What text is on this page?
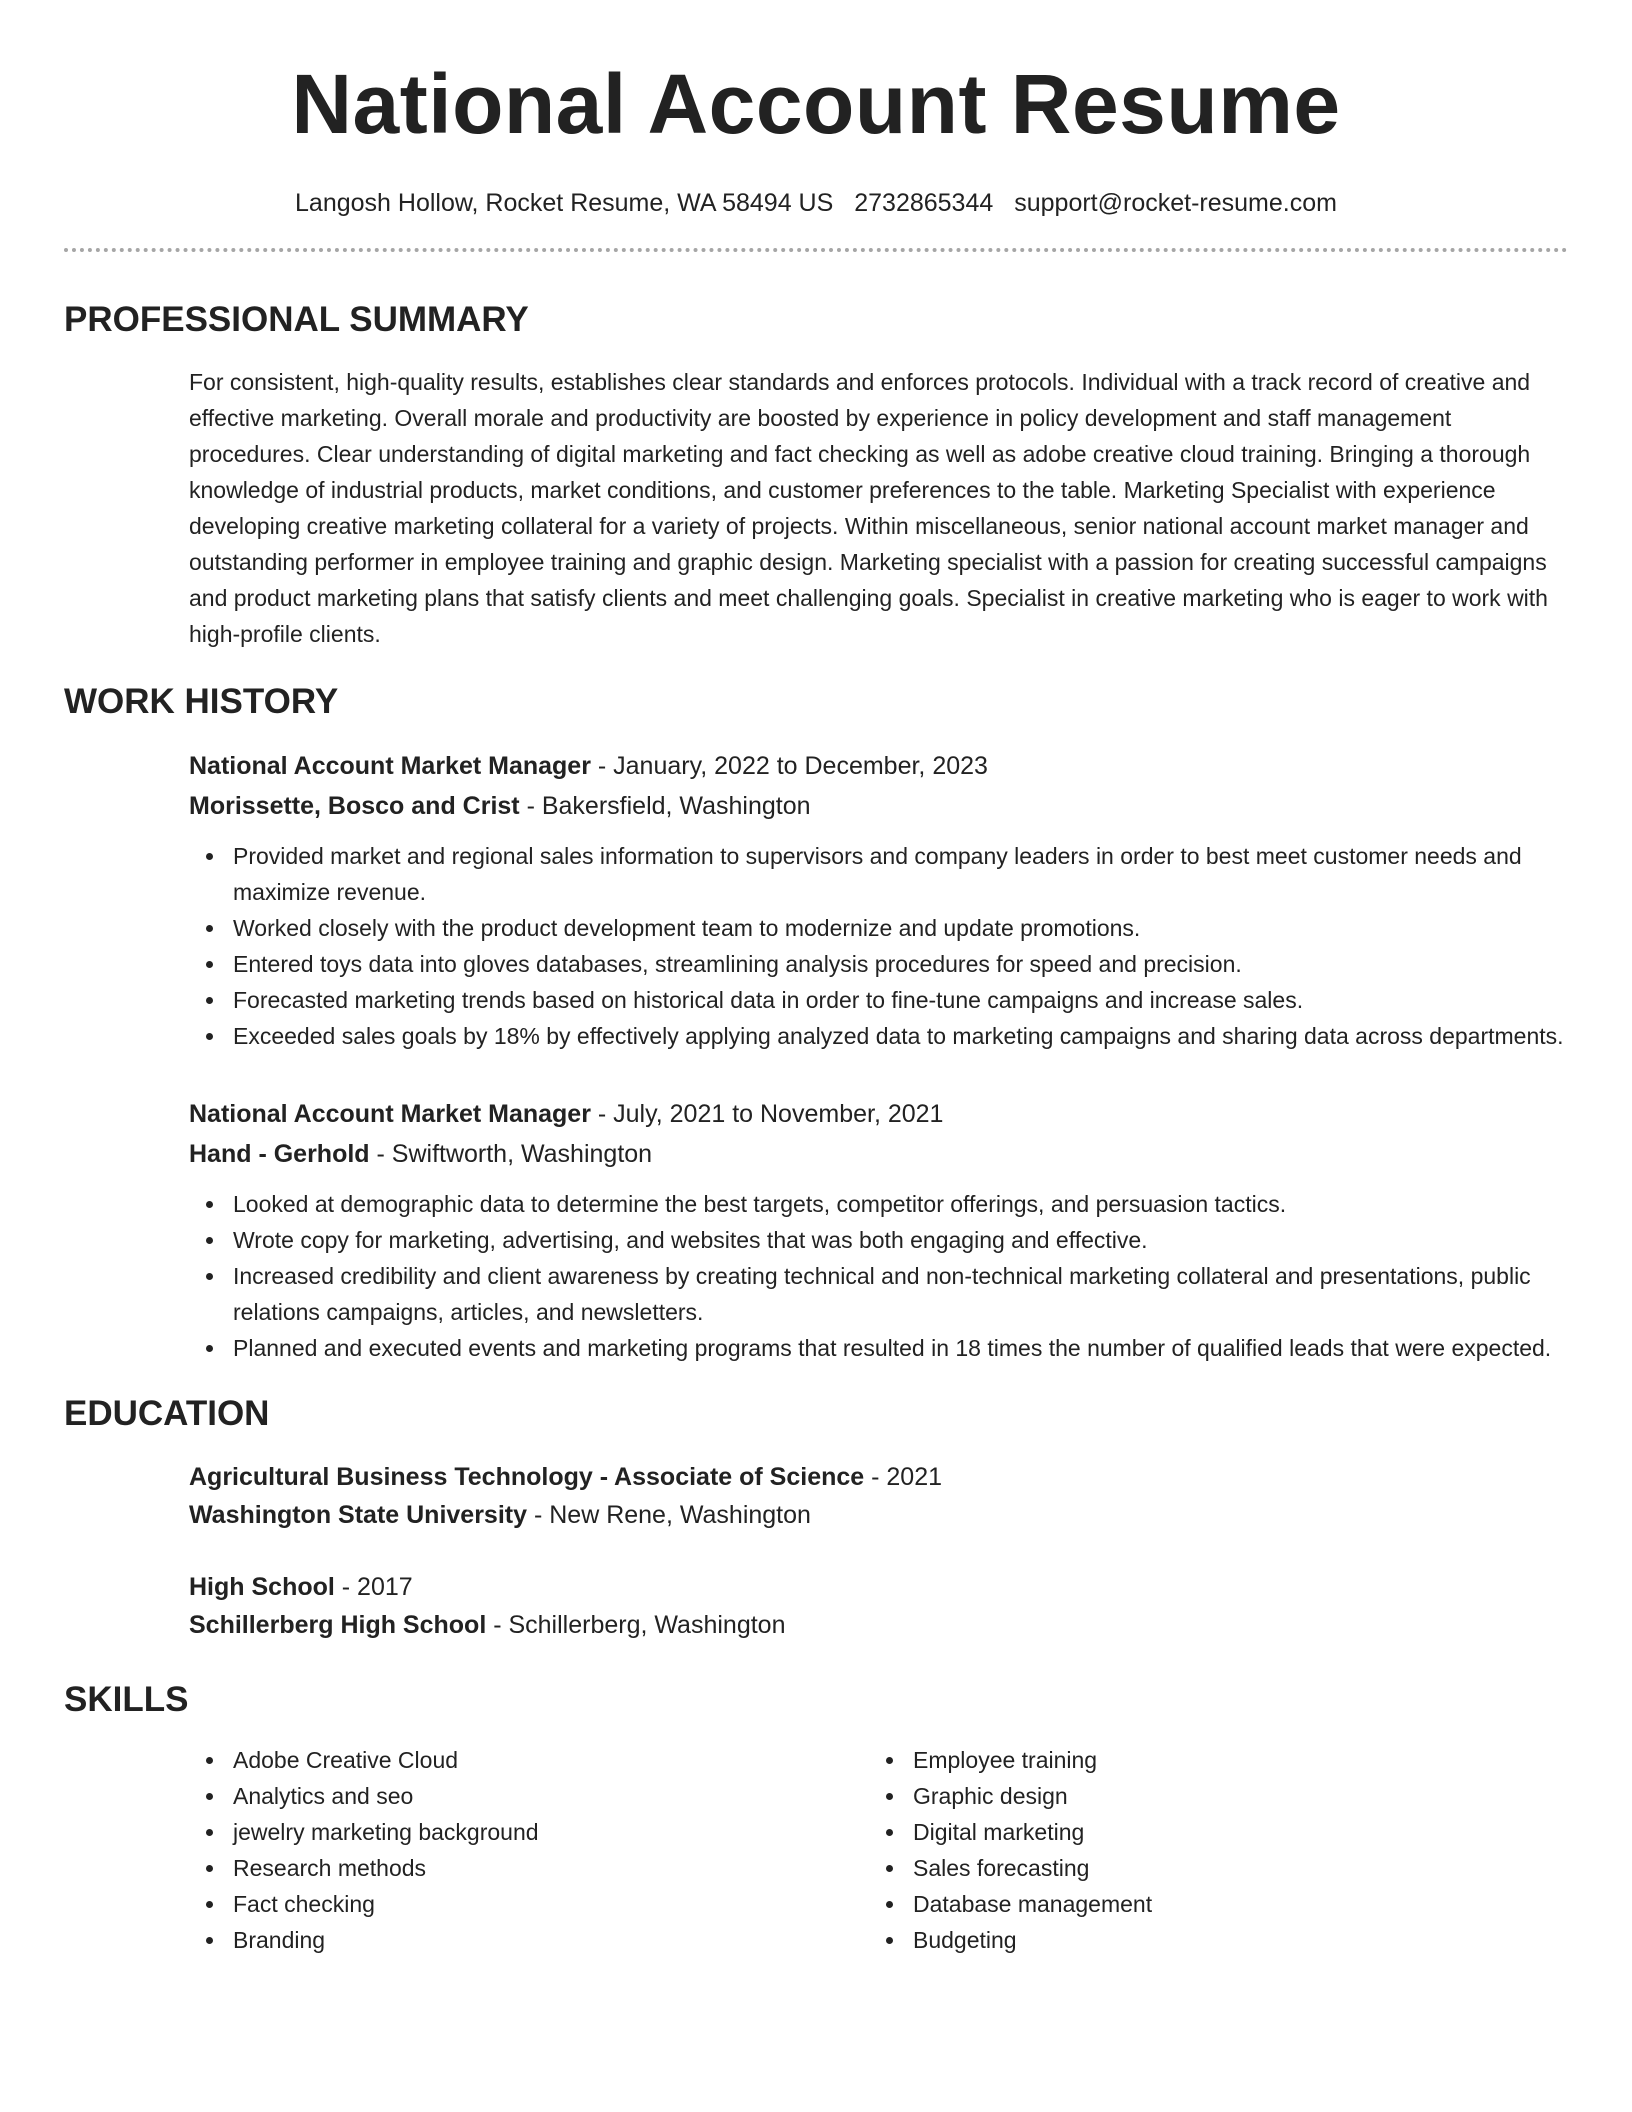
National Account Resume
Langosh Hollow, Rocket Resume, WA 58494 US 2732865344 support@rocket-resume.com
PROFESSIONAL SUMMARY

For consistent, high-quality results, establishes clear standards and enforces protocols. Individual with a track record of creative and effective marketing. Overall morale and productivity are boosted by experience in policy development and staff management procedures. Clear understanding of digital marketing and fact checking as well as adobe creative cloud training. Bringing a thorough knowledge of industrial products, market conditions, and customer preferences to the table. Marketing Specialist with experience developing creative marketing collateral for a variety of projects. Within miscellaneous, senior national account market manager and outstanding performer in employee training and graphic design. Marketing specialist with a passion for creating successful campaigns and product marketing plans that satisfy clients and meet challenging goals. Specialist in creative marketing who is eager to work with high-profile clients.

WORK HISTORY
National Account Market Manager - January, 2022 to December, 2023
Morissette, Bosco and Crist - Bakersfield, Washington
Provided market and regional sales information to supervisors and company leaders in order to best meet customer needs and maximize revenue.
Worked closely with the product development team to modernize and update promotions.
Entered toys data into gloves databases, streamlining analysis procedures for speed and precision.
Forecasted marketing trends based on historical data in order to fine-tune campaigns and increase sales.
Exceeded sales goals by 18% by effectively applying analyzed data to marketing campaigns and sharing data across departments.
National Account Market Manager - July, 2021 to November, 2021
Hand - Gerhold - Swiftworth, Washington
Looked at demographic data to determine the best targets, competitor offerings, and persuasion tactics.
Wrote copy for marketing, advertising, and websites that was both engaging and effective.
Increased credibility and client awareness by creating technical and non-technical marketing collateral and presentations, public relations campaigns, articles, and newsletters.
Planned and executed events and marketing programs that resulted in 18 times the number of qualified leads that were expected.
EDUCATION
Agricultural Business Technology - Associate of Science - 2021
Washington State University - New Rene, Washington
High School - 2017
Schillerberg High School - Schillerberg, Washington
SKILLS
Adobe Creative Cloud
Analytics and seo
jewelry marketing background
Research methods
Fact checking
Branding
Employee training
Graphic design
Digital marketing
Sales forecasting
Database management
Budgeting
